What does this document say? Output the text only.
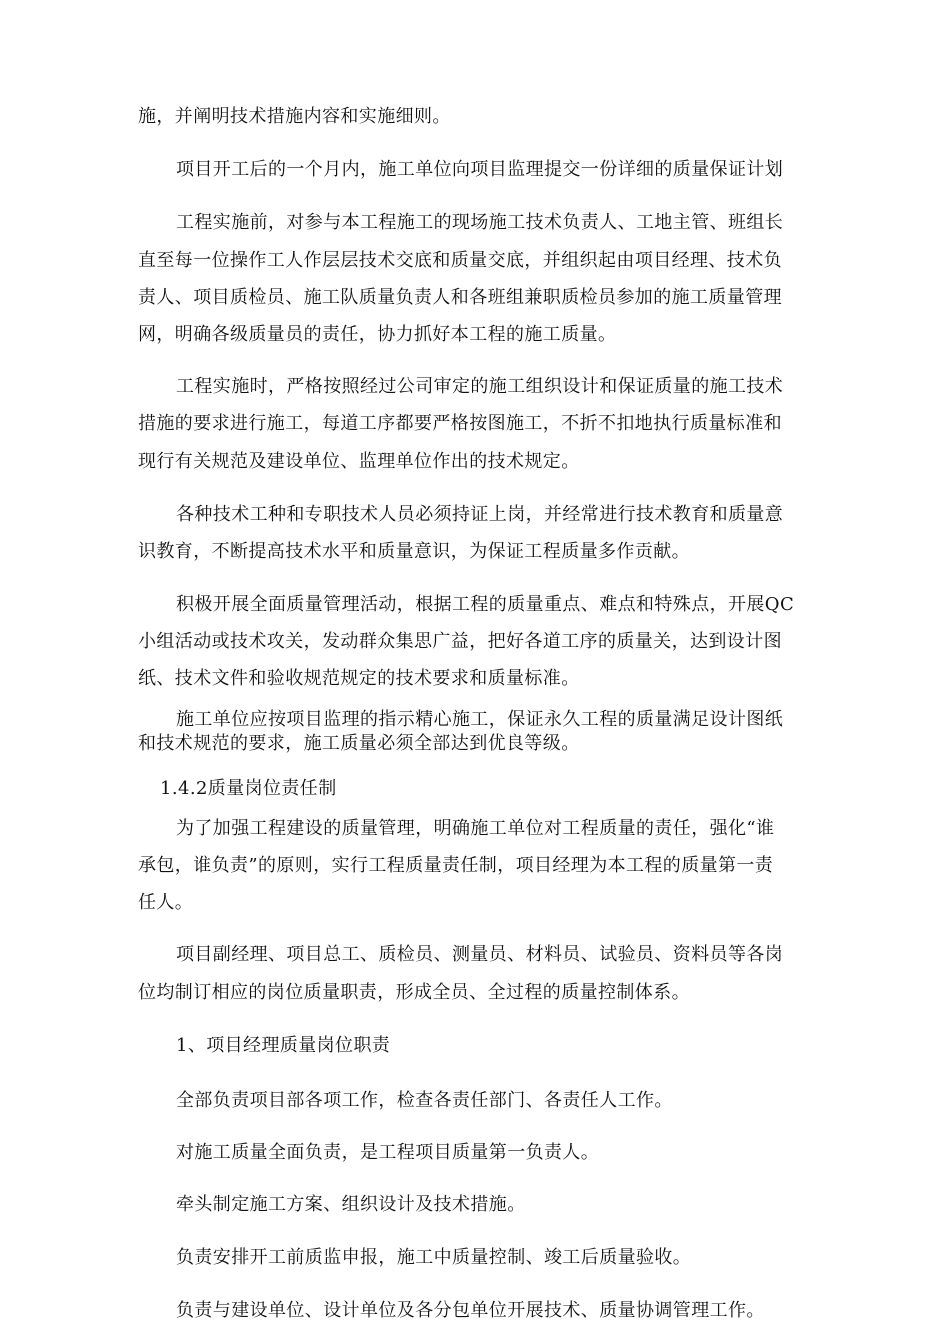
施，并阐明技术措施内容和实施细则。
项目开工后的一个月内，施工单位向项目监理提交一份详细的质量保证计划
工程实施前，对参与本工程施工的现场施工技术负责人、工地主管、班组长
直至每一位操作工人作层层技术交底和质量交底，并组织起由项目经理、技术负
责人、项目质检员、施工队质量负责人和各班组兼职质检员参加的施工质量管理
网，明确各级质量员的责任，协力抓好本工程的施工质量。
工程实施时，严格按照经过公司审定的施工组织设计和保证质量的施工技术
措施的要求进行施工，每道工序都要严格按图施工，不折不扣地执行质量标准和
现行有关规范及建设单位、监理单位作出的技术规定。
各种技术工种和专职技术人员必须持证上岗，并经常进行技术教育和质量意
识教育，不断提高技术水平和质量意识，为保证工程质量多作贡献。
积极开展全面质量管理活动，根据工程的质量重点、难点和特殊点，开展QC
小组活动或技术攻关，发动群众集思广益，把好各道工序的质量关，达到设计图
纸、技术文件和验收规范规定的技术要求和质量标准。
施工单位应按项目监理的指示精心施工，保证永久工程的质量满足设计图纸
和技术规范的要求，施工质量必须全部达到优良等级。
1.4.2质量岗位责任制
为了加强工程建设的质量管理，明确施工单位对工程质量的责任，强化“谁
承包，谁负责”的原则，实行工程质量责任制，项目经理为本工程的质量第一责
任人。
项目副经理、项目总工、质检员、测量员、材料员、试验员、资料员等各岗
位均制订相应的岗位质量职责，形成全员、全过程的质量控制体系。
1、项目经理质量岗位职责
全部负责项目部各项工作，检查各责任部门、各责任人工作。
对施工质量全面负责，是工程项目质量第一负责人。
牵头制定施工方案、组织设计及技术措施。
负责安排开工前质监申报，施工中质量控制、竣工后质量验收。
负责与建设单位、设计单位及各分包单位开展技术、质量协调管理工作。
